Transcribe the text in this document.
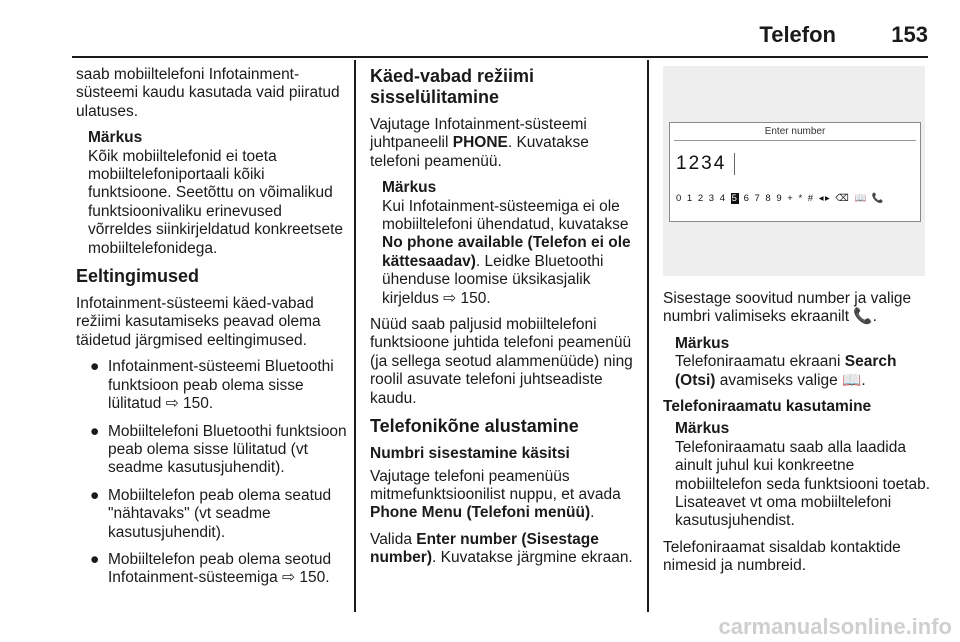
Telefon	153

saab mobiiltelefoni Infotainment-süsteemi kaudu kasutada vaid piiratud ulatuses.

Märkus

Kõik mobiiltelefonid ei toeta mobiiltelefoniportaali kõiki funktsioone. Seetõttu on võimalikud funktsioonivaliku erinevused võrreldes siinkirjeldatud konkreetsete mobiiltelefonidega.

Eeltingimused

Infotainment-süsteemi käed-vabad režiimi kasutamiseks peavad olema täidetud järgmised eeltingimused.

● Infotainment-süsteemi Bluetoothi funktsioon peab olema sisse lülitatud ⇨ 150.
● Mobiiltelefoni Bluetoothi funktsioon peab olema sisse lülitatud (vt seadme kasutusjuhendit).
● Mobiiltelefon peab olema seatud "nähtavaks" (vt seadme kasutusjuhendit).
● Mobiiltelefon peab olema seotud Infotainment-süsteemiga ⇨ 150.
Käed-vabad režiimi sisselülitamine

Vajutage Infotainment-süsteemi juhtpaneelil PHONE. Kuvatakse telefoni peamenüü.

Märkus

Kui Infotainment-süsteemiga ei ole mobiiltelefoni ühendatud, kuvatakse No phone available (Telefon ei ole kättesaadav). Leidke Bluetoothi ühenduse loomise üksikasjalik kirjeldus ⇨ 150.

Nüüd saab paljusid mobiiltelefoni funktsioone juhtida telefoni peamenüü (ja sellega seotud alammenüüde) ning roolil asuvate telefoni juhtseadiste kaudu.

Telefonikõne alustamine
Numbri sisestamine käsitsi

Vajutage telefoni peamenüüs mitmefunktsioonilist nuppu, et avada Phone Menu (Telefoni menüü).

Valida Enter number (Sisestage number). Kuvatakse järgmine ekraan.

Enter number
1234
0 1 2 3 4 5 6 7 8 9 + * # ◂▸ ⌫ 📖 📞

Sisestage soovitud number ja valige numbri valimiseks ekraanilt 📞.

Märkus

Telefoniraamatu ekraani Search (Otsi) avamiseks valige 📖.

Telefoniraamatu kasutamine

Märkus

Telefoniraamatu saab alla laadida ainult juhul kui konkreetne mobiiltelefon seda funktsiooni toetab. Lisateavet vt oma mobiiltelefoni kasutusjuhendist.

Telefoniraamat sisaldab kontaktide nimesid ja numbreid.

carmanualsonline.info
